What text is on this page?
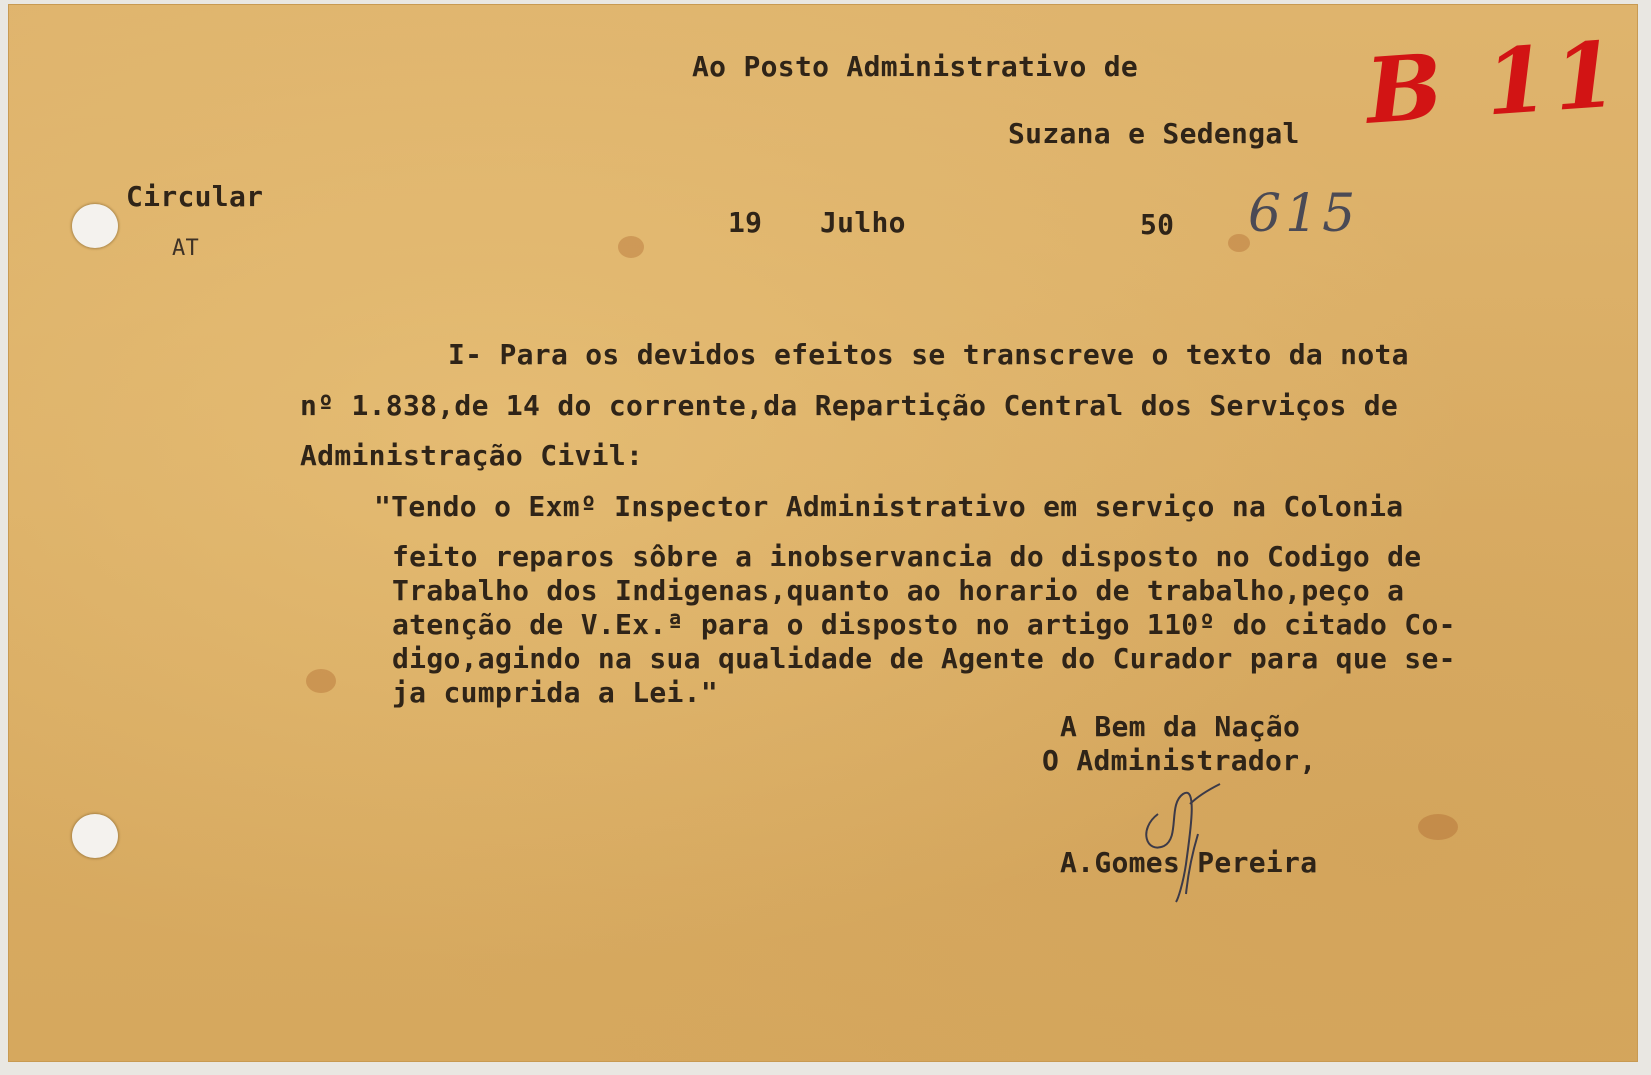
Ao Posto Administrativo de
Suzana e Sedengal B 11
Circular
AT
19 Julho	50 615
I- Para os devidos efeitos se transcreve o texto da nota
nº 1.838,de 14 do corrente,da Repartição Central dos Serviços de
Administração Civil:
"Tendo o Exmº Inspector Administrativo em serviço na Colonia
feito reparos sôbre a inobservancia do disposto no Codigo de
Trabalho dos Indigenas,quanto ao horario de trabalho,peço a
atenção de V.Ex.ª para o disposto no artigo 110º do citado Co-
digo,agindo na sua qualidade de Agente do Curador para que se-
ja cumprida a Lei."
A Bem da Nação
O Administrador,
A.Gomes Pereira
